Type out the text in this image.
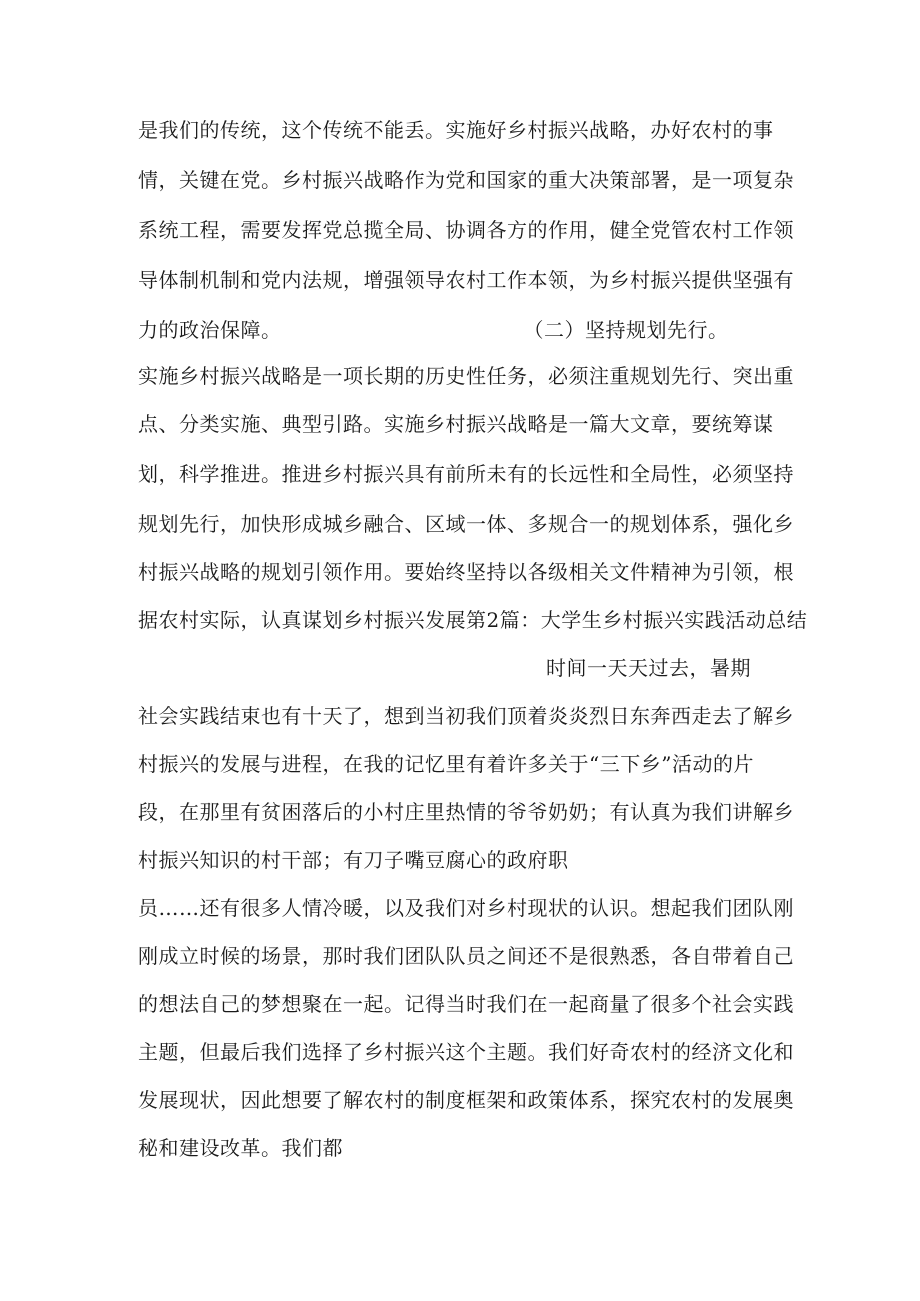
是我们的传统，这个传统不能丢。实施好乡村振兴战略，办好农村的事
情，关键在党。乡村振兴战略作为党和国家的重大决策部署，是一项复杂
系统工程，需要发挥党总揽全局、协调各方的作用，健全党管农村工作领
导体制机制和党内法规，增强领导农村工作本领，为乡村振兴提供坚强有
力的政治保障。	（二）坚持规划先行。
实施乡村振兴战略是一项长期的历史性任务，必须注重规划先行、突出重
点、分类实施、典型引路。实施乡村振兴战略是一篇大文章，要统筹谋
划，科学推进。推进乡村振兴具有前所未有的长远性和全局性，必须坚持
规划先行，加快形成城乡融合、区域一体、多规合一的规划体系，强化乡
村振兴战略的规划引领作用。要始终坚持以各级相关文件精神为引领，根
据农村实际，认真谋划乡村振兴发展第2篇：大学生乡村振兴实践活动总结
时间一天天过去，暑期
社会实践结束也有十天了，想到当初我们顶着炎炎烈日东奔西走去了解乡
村振兴的发展与进程，在我的记忆里有着许多关于“三下乡”活动的片
段，在那里有贫困落后的小村庄里热情的爷爷奶奶；有认真为我们讲解乡
村振兴知识的村干部；有刀子嘴豆腐心的政府职
员……还有很多人情冷暖，以及我们对乡村现状的认识。想起我们团队刚
刚成立时候的场景，那时我们团队队员之间还不是很熟悉，各自带着自己
的想法自己的梦想聚在一起。记得当时我们在一起商量了很多个社会实践
主题，但最后我们选择了乡村振兴这个主题。我们好奇农村的经济文化和
发展现状，因此想要了解农村的制度框架和政策体系，探究农村的发展奥
秘和建设改革。我们都
